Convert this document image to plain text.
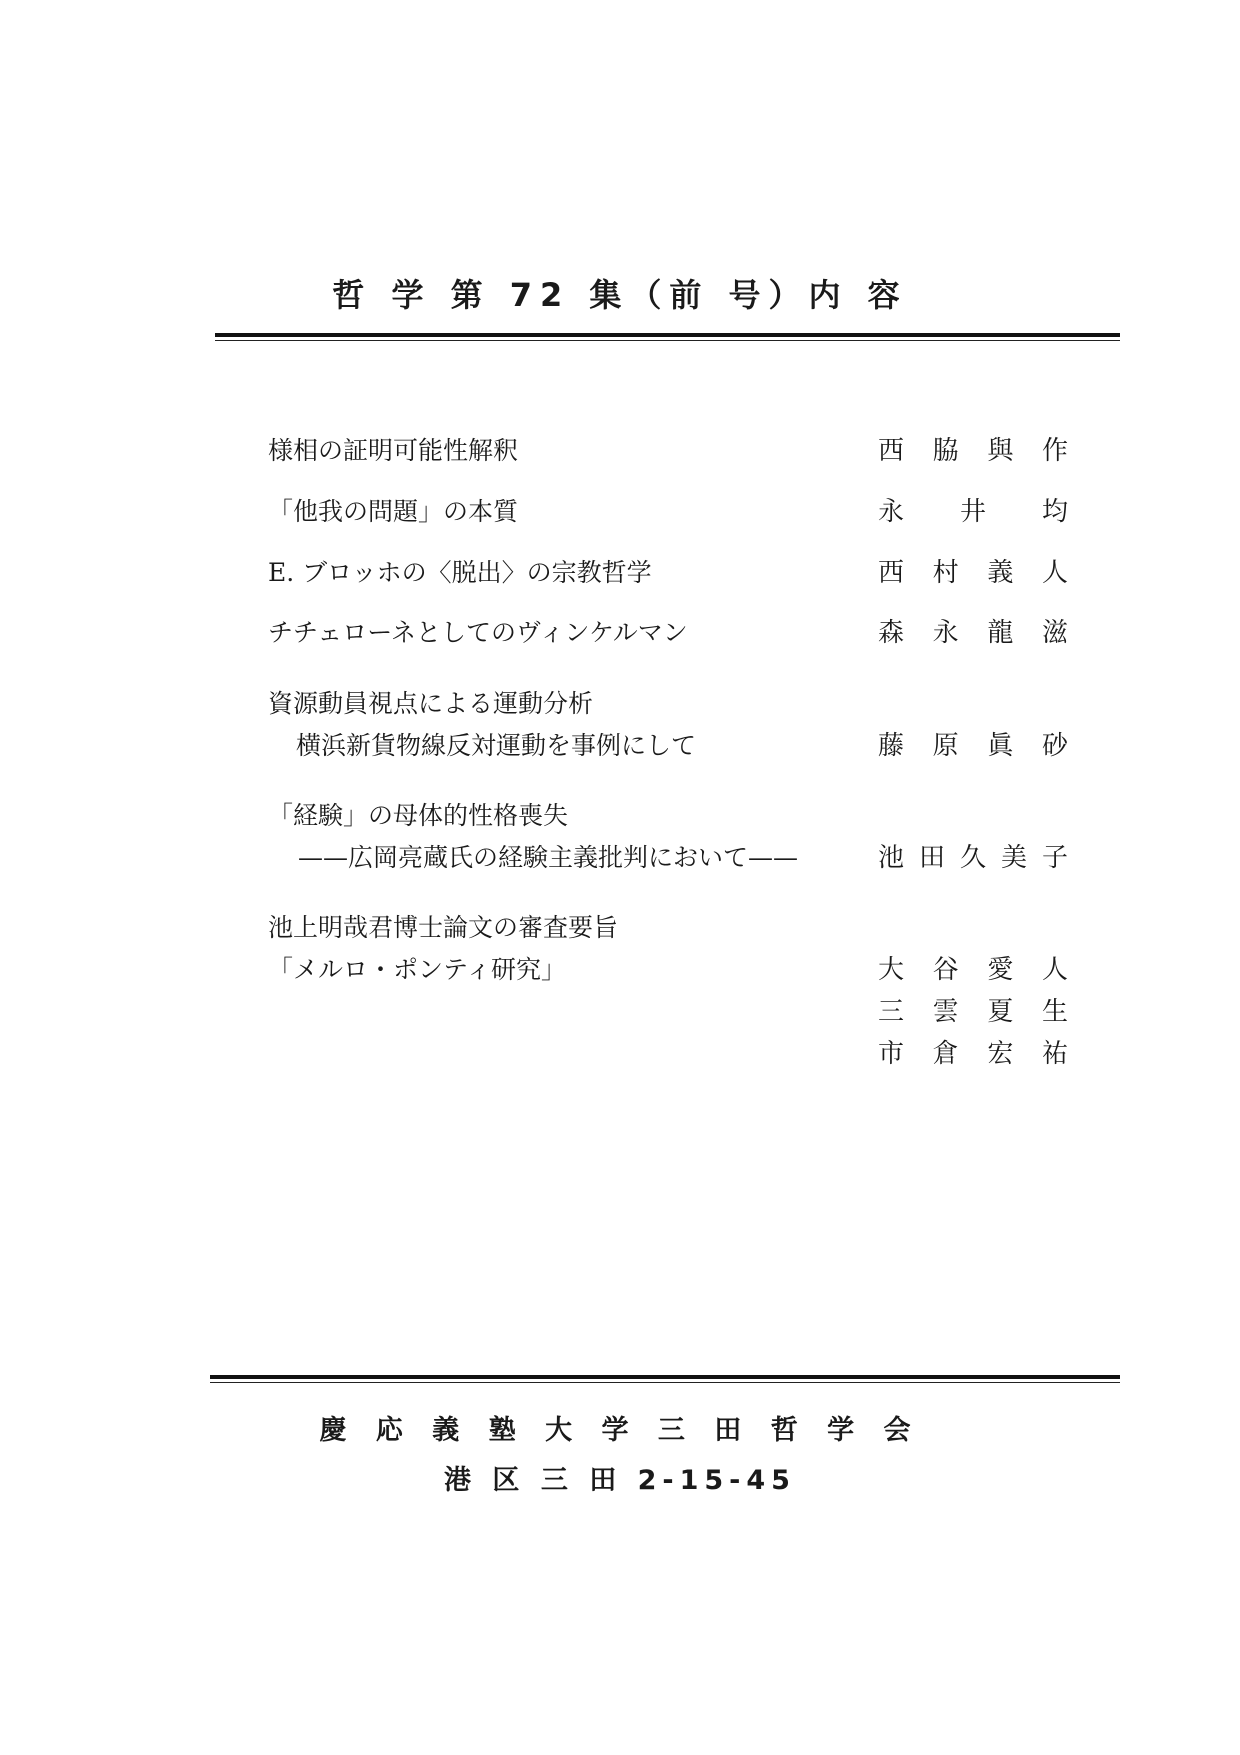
哲 学 第 72 集（前 号）内 容
様相の証明可能性解釈	西 脇 與 作
「他我の問題」の本質	永 井 均
E. ブロッホの〈脱出〉の宗教哲学	西 村 義 人
チチェローネとしてのヴィンケルマン	森 永 龍 滋
資源動員視点による運動分析
横浜新貨物線反対運動を事例にして	藤 原 眞 砂
「経験」の母体的性格喪失
——広岡亮蔵氏の経験主義批判において——	池 田 久 美 子
池上明哉君博士論文の審査要旨
「メルロ・ポンティ研究」	大 谷 愛 人
三 雲 夏 生
市 倉 宏 祐
慶 応 義 塾 大 学 三 田 哲 学 会
港 区 三 田 2-15-45
